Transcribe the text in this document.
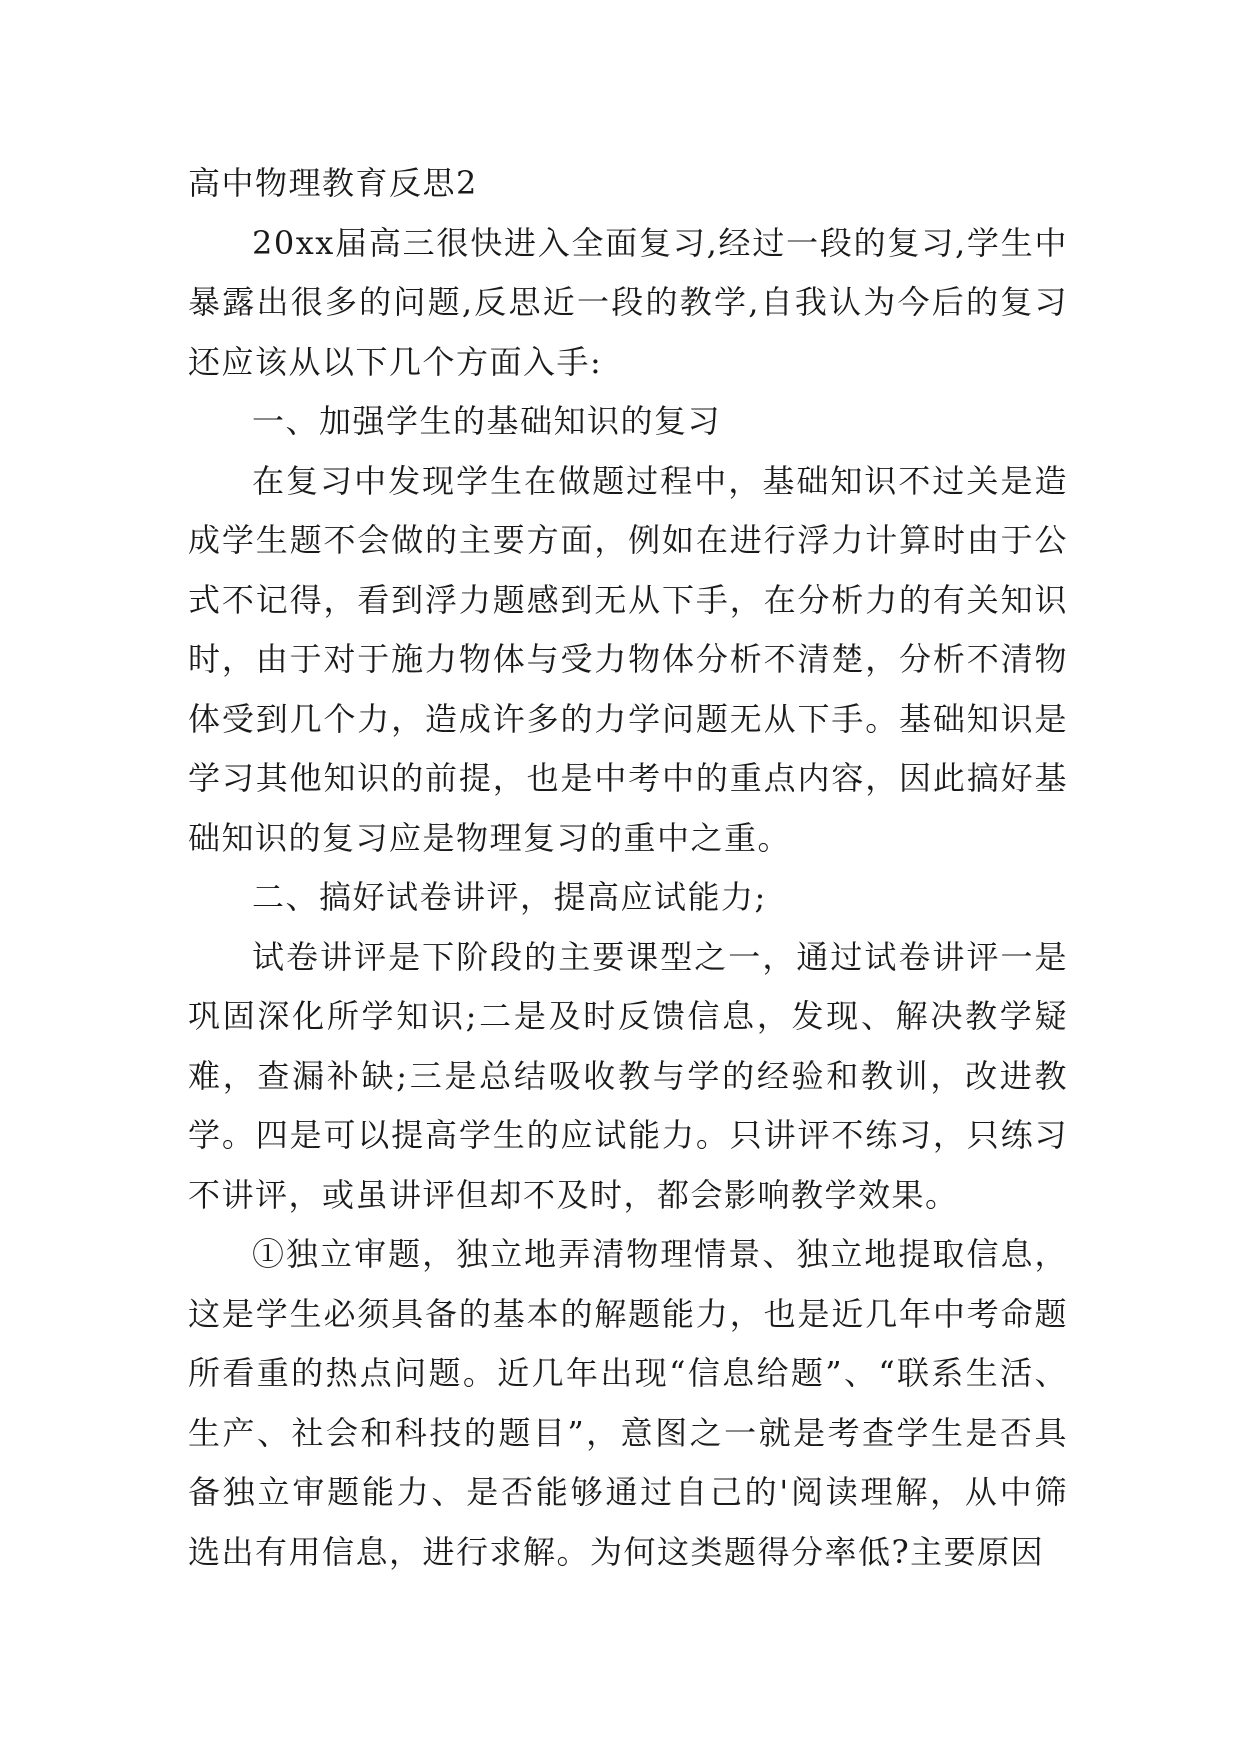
高中物理教育反思2

20xx届高三很快进入全面复习,经过一段的复习,学生中暴露出很多的问题,反思近一段的教学,自我认为今后的复习还应该从以下几个方面入手:

一、加强学生的基础知识的复习

在复习中发现学生在做题过程中，基础知识不过关是造成学生题不会做的主要方面，例如在进行浮力计算时由于公式不记得，看到浮力题感到无从下手，在分析力的有关知识时，由于对于施力物体与受力物体分析不清楚，分析不清物体受到几个力，造成许多的力学问题无从下手。基础知识是学习其他知识的前提，也是中考中的重点内容，因此搞好基础知识的复习应是物理复习的重中之重。

二、搞好试卷讲评，提高应试能力;

试卷讲评是下阶段的主要课型之一，通过试卷讲评一是巩固深化所学知识;二是及时反馈信息，发现、解决教学疑难，查漏补缺;三是总结吸收教与学的经验和教训，改进教学。四是可以提高学生的应试能力。只讲评不练习，只练习不讲评，或虽讲评但却不及时，都会影响教学效果。

①独立审题，独立地弄清物理情景、独立地提取信息，这是学生必须具备的基本的解题能力，也是近几年中考命题所看重的热点问题。近几年出现“信息给题”、“联系生活、生产、社会和科技的题目”，意图之一就是考查学生是否具备独立审题能力、是否能够通过自己的'阅读理解，从中筛选出有用信息，进行求解。为何这类题得分率低?主要原因
